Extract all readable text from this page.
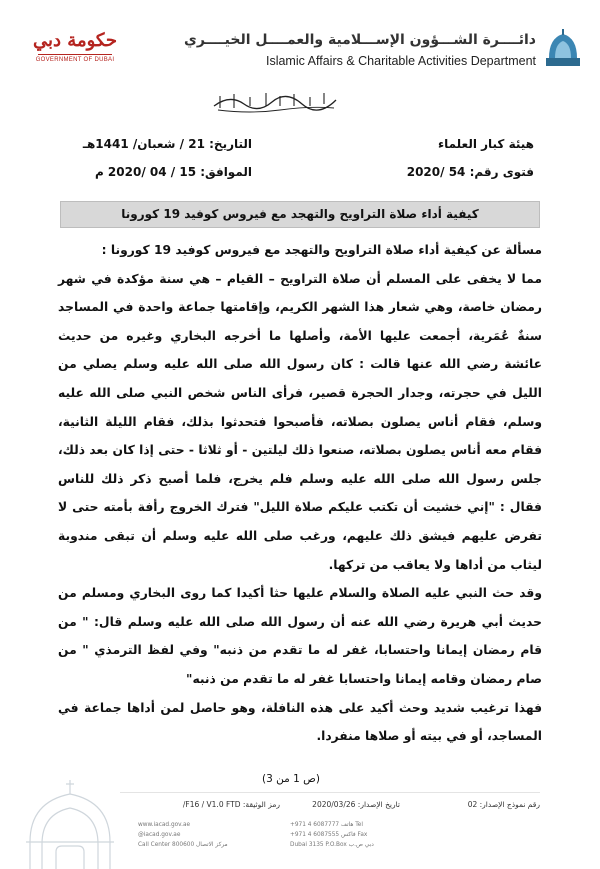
حكومة دبي
GOVERNMENT OF DUBAI
دائــــرة الشـــؤون الإســـلامية والعمــــل الخيــــري
Islamic Affairs & Charitable Activities Department
هيئة كبار العلماء
فتوى رقم: 54 /2020
التاريخ: 21 / شعبان/ 1441هـ
الموافق: 15 / 04 /2020 م
كيفية أداء صلاة التراويح والتهجد مع فيروس كوفيد 19 كورونا

مسألة عن كيفية أداء صلاة التراويح والتهجد مع فيروس كوفيد 19 كورونا :

مما لا يخفى على المسلم أن صلاة التراويح – القيام – هي سنة مؤكدة في شهر رمضان خاصة، وهي شعار هذا الشهر الكريم، وإقامتها جماعة واحدة في المساجد سنةٌ عُمَرية، أجمعت عليها الأمة، وأصلها ما أخرجه البخاري وغيره من حديث عائشة رضي الله عنها قالت : كان رسول الله صلى الله عليه وسلم يصلي من الليل في حجرته، وجدار الحجرة قصير، فرأى الناس شخص النبي صلى الله عليه وسلم، فقام أناس يصلون بصلاته، فأصبحوا فتحدثوا بذلك، فقام الليلة الثانية، فقام معه أناس يصلون بصلاته، صنعوا ذلك ليلتين - أو ثلاثا - حتى إذا كان بعد ذلك، جلس رسول الله صلى الله عليه وسلم فلم يخرج، فلما أصبح ذكر ذلك للناس فقال : "إني خشيت أن تكتب عليكم صلاة الليل" فترك الخروج رأفة بأمته حتى لا تفرض عليهم فيشق ذلك عليهم، ورغب صلى الله عليه وسلم أن تبقى مندوبة ليثاب من أداها ولا يعاقب من تركها.

وقد حث النبي عليه الصلاة والسلام عليها حثا أكيدا كما روى البخاري ومسلم من حديث أبي هريرة رضي الله عنه أن رسول الله صلى الله عليه وسلم قال: " من قام رمضان إيمانا واحتسابا، غفر له ما تقدم من ذنبه" وفي لفظ الترمذي " من صام رمضان وقامه إيمانا واحتسابا غفر له ما تقدم من ذنبه"

فهذا ترغيب شديد وحث أكيد على هذه النافلة، وهو حاصل لمن أداها جماعة في المساجد، أو في بيته أو صلاها منفردا.

(ص 1 من 3)
رقم نموذج الإصدار: 02
تاريخ الإصدار: 2020/03/26
رمز الوثيقة: F16 / V1.0 FTD/
www.iacad.gov.ae
@iacad.gov.ae
Call Center 800600 مركز الاتصال
+971 4 6087777 هاتف Tel
+971 4 6087555 فاكس Fax
Dubai 3135 P.O.Box دبي ص.ب
